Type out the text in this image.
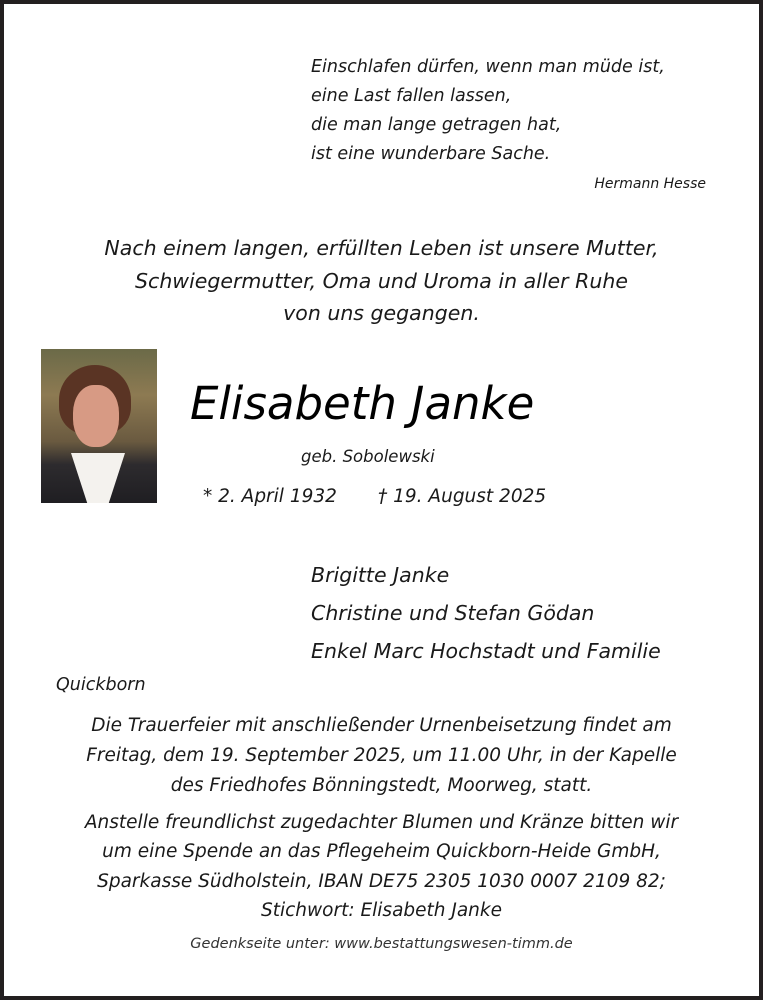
Einschlafen dürfen, wenn man müde ist,
eine Last fallen lassen,
die man lange getragen hat,
ist eine wunderbare Sache.
Hermann Hesse
Nach einem langen, erfüllten Leben ist unsere Mutter,
Schwiegermutter, Oma und Uroma in aller Ruhe
von uns gegangen.
Elisabeth Janke
geb. Sobolewski
* 2. April 1932 † 19. August 2025
Brigitte Janke
Christine und Stefan Gödan
Enkel Marc Hochstadt und Familie
Quickborn
Die Trauerfeier mit anschließender Urnenbeisetzung findet am
Freitag, dem 19. September 2025, um 11.00 Uhr, in der Kapelle
des Friedhofes Bönningstedt, Moorweg, statt.
Anstelle freundlichst zugedachter Blumen und Kränze bitten wir
um eine Spende an das Pflegeheim Quickborn-Heide GmbH,
Sparkasse Südholstein, IBAN DE75 2305 1030 0007 2109 82;
Stichwort: Elisabeth Janke
Gedenkseite unter: www.bestattungswesen-timm.de
